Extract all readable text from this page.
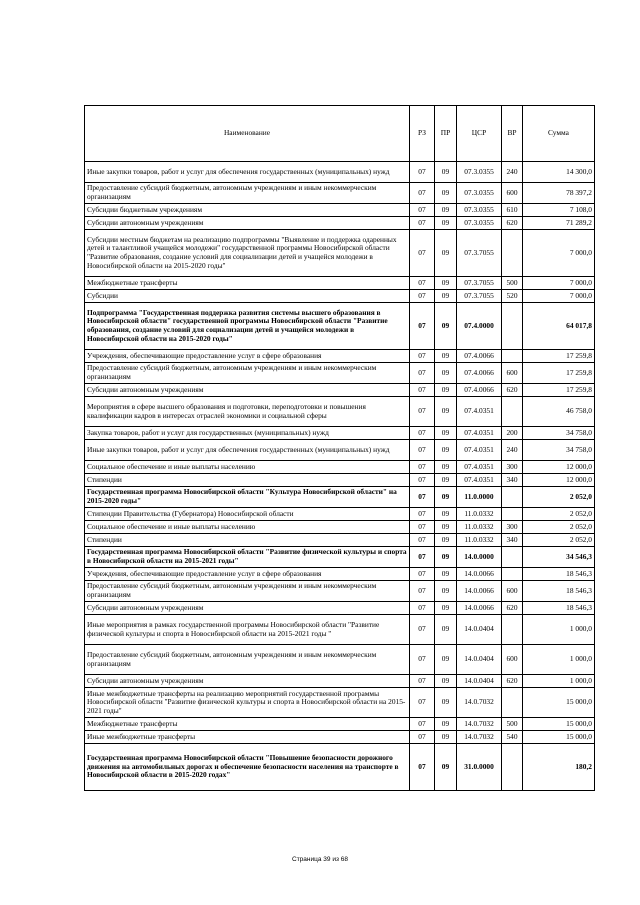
Наименование	РЗ	ПР	ЦСР	ВР	Сумма
Иные закупки товаров, работ и услуг для обеспечения государственных (муниципальных) нужд	07	09	07.3.0355	240	14 300,0
Предоставление субсидий бюджетным, автономным учреждениям и иным некоммерческим организациям	07	09	07.3.0355	600	78 397,2
Субсидии бюджетным учреждениям	07	09	07.3.0355	610	7 108,0
Субсидии автономным учреждениям	07	09	07.3.0355	620	71 289,2
Субсидии местным бюджетам на реализацию подпрограммы "Выявление и поддержка одаренных детей и талантливой учащейся молодежи" государственной программы Новосибирской области "Развитие образования, создание условий для социализации детей и учащейся молодежи в Новосибирской области на 2015-2020 годы"	07	09	07.3.7055		7 000,0
Межбюджетные трансферты	07	09	07.3.7055	500	7 000,0
Субсидии	07	09	07.3.7055	520	7 000,0
Подпрограмма "Государственная поддержка развития системы высшего образования в Новосибирской области" государственной программы Новосибирской области "Развитие образования, создание условий для социализации детей и учащейся молодежи в Новосибирской области на 2015-2020 годы"	07	09	07.4.0000		64 017,8
Учреждения, обеспечивающие предоставление услуг в сфере образования	07	09	07.4.0066		17 259,8
Предоставление субсидий бюджетным, автономным учреждениям и иным некоммерческим организациям	07	09	07.4.0066	600	17 259,8
Субсидии автономным учреждениям	07	09	07.4.0066	620	17 259,8
Мероприятия в сфере высшего образования и подготовки, переподготовки и повышения квалификации кадров в интересах отраслей экономики и социальной сферы	07	09	07.4.0351		46 758,0
Закупка товаров, работ и услуг для государственных (муниципальных) нужд	07	09	07.4.0351	200	34 758,0
Иные закупки товаров, работ и услуг для обеспечения государственных (муниципальных) нужд	07	09	07.4.0351	240	34 758,0
Социальное обеспечение и иные выплаты населению	07	09	07.4.0351	300	12 000,0
Стипендии	07	09	07.4.0351	340	12 000,0
Государственная программа Новосибирской области "Культура Новосибирской области" на 2015-2020 годы"	07	09	11.0.0000		2 052,0
Стипендии Правительства (Губернатора) Новосибирской области	07	09	11.0.0332		2 052,0
Социальное обеспечение и иные выплаты населению	07	09	11.0.0332	300	2 052,0
Стипендии	07	09	11.0.0332	340	2 052,0
Государственная программа Новосибирской области "Развитие физической культуры и спорта в Новосибирской области на 2015-2021 годы"	07	09	14.0.0000		34 546,3
Учреждения, обеспечивающие предоставление услуг в сфере образования	07	09	14.0.0066		18 546,3
Предоставление субсидий бюджетным, автономным учреждениям и иным некоммерческим организациям	07	09	14.0.0066	600	18 546,3
Субсидии автономным учреждениям	07	09	14.0.0066	620	18 546,3
Иные мероприятия в рамках государственной программы Новосибирской области "Развитие физической культуры и спорта в Новосибирской области на 2015-2021 годы "	07	09	14.0.0404		1 000,0
Предоставление субсидий бюджетным, автономным учреждениям и иным некоммерческим организациям	07	09	14.0.0404	600	1 000,0
Субсидии автономным учреждениям	07	09	14.0.0404	620	1 000,0
Иные межбюджетные трансферты на реализацию мероприятий государственной программы Новосибирской области "Развитие физической культуры и спорта в Новосибирской области на 2015-2021 годы"	07	09	14.0.7032		15 000,0
Межбюджетные трансферты	07	09	14.0.7032	500	15 000,0
Иные межбюджетные трансферты	07	09	14.0.7032	540	15 000,0
Государственная программа Новосибирской области "Повышение безопасности дорожного движения на автомобильных дорогах и обеспечение безопасности населения на транспорте в Новосибирской области в 2015-2020 годах"	07	09	31.0.0000		180,2
Страница 39 из 68
